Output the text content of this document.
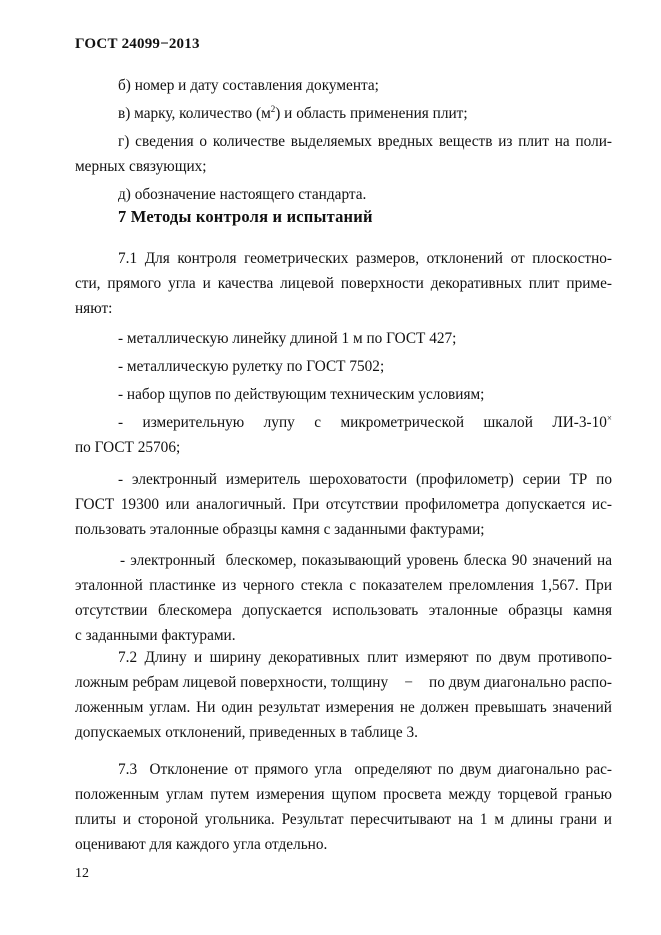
ГОСТ 24099−2013
б) номер и дату составления документа;
в) марку, количество $(м^2)$ и область применения плит;
г) сведения о количестве выделяемых вредных веществ из плит на поли-
мерных связующих;
д) обозначение настоящего стандарта.
7 Методы контроля и испытаний
7.1 Для контроля геометрических размеров, отклонений от плоскостно-
сти, прямого угла и качества лицевой поверхности декоративных плит приме-
няют:
- металлическую линейку длиной 1 м по ГОСТ 427;
- металлическую рулетку по ГОСТ 7502;
- набор щупов по действующим техническим условиям;
- измерительную лупу с микрометрической шкалой ЛИ-3-10×
по ГОСТ 25706;
- электронный измеритель шероховатости (профилометр) серии ТР по
ГОСТ 19300 или аналогичный. При отсутствии профилометра допускается ис-
пользовать эталонные образцы камня с заданными фактурами;
- электронный  блескомер, показывающий уровень блеска 90 значений на
эталонной пластинке из черного стекла с показателем преломления 1,567. При
отсутствии блескомера допускается использовать эталонные образцы камня
с заданными фактурами.
7.2 Длину и ширину декоративных плит измеряют по двум противопо-
ложным ребрам лицевой поверхности, толщину − по двум диагонально распо-
ложенным углам. Ни один результат измерения не должен превышать значений
допускаемых отклонений, приведенных в таблице 3.
7.3  Отклонение от прямого угла  определяют по двум диагонально рас-
положенным углам путем измерения щупом просвета между торцевой гранью
плиты и стороной угольника. Результат пересчитывают на 1 м длины грани и
оценивают для каждого угла отдельно.
12
